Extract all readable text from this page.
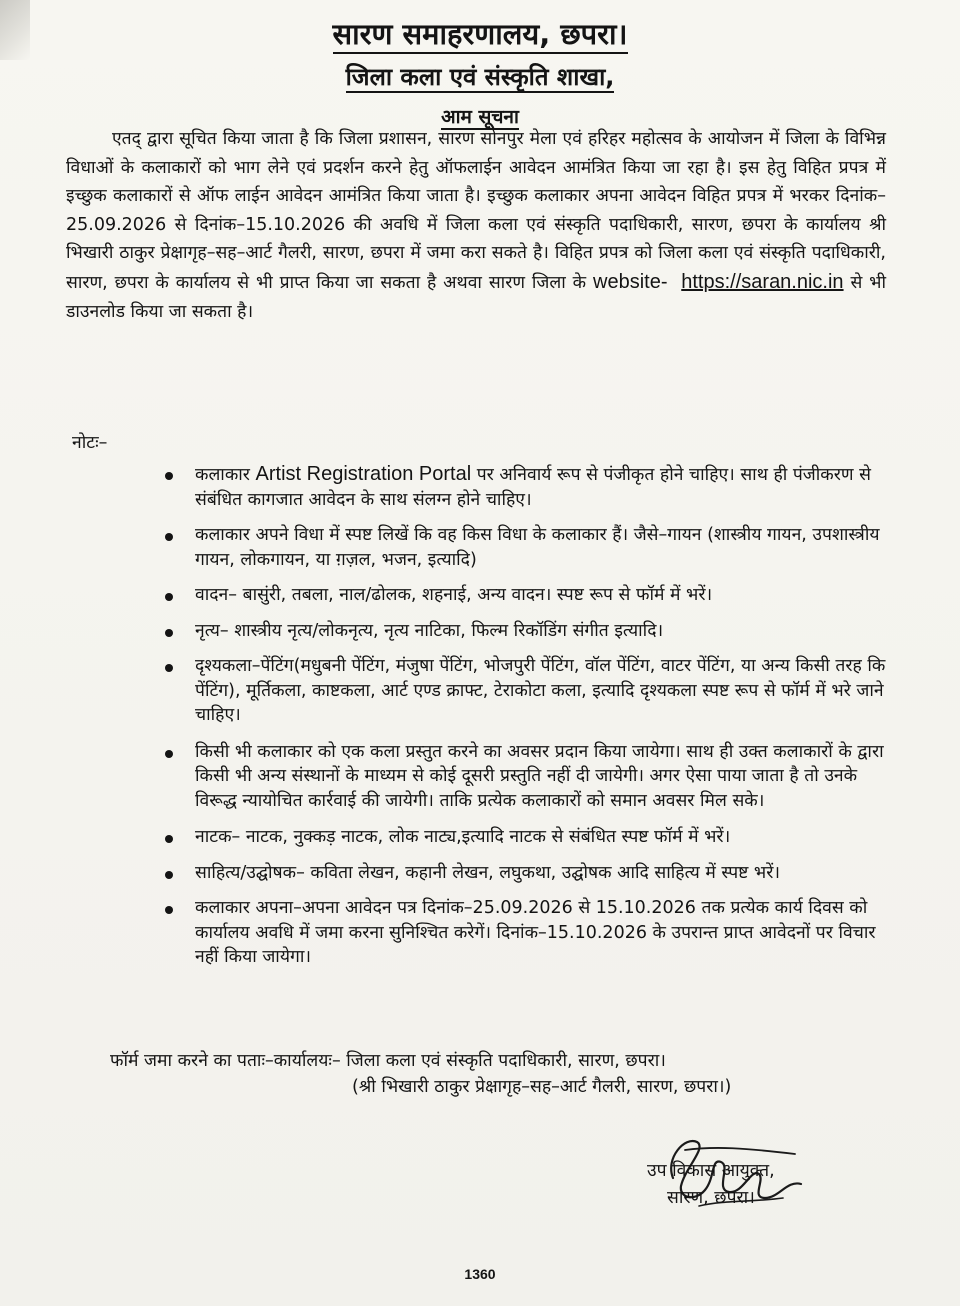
सारण समाहरणालय, छपरा।
जिला कला एवं संस्कृति शाखा,
आम सूचना
एतद् द्वारा सूचित किया जाता है कि जिला प्रशासन, सारण सोनपुर मेला एवं हरिहर महोत्सव के आयोजन में जिला के विभिन्न विधाओं के कलाकारों को भाग लेने एवं प्रदर्शन करने हेतु ऑफलाईन आवेदन आमंत्रित किया जा रहा है। इस हेतु विहित प्रपत्र में इच्छुक कलाकारों से ऑफ लाईन आवेदन आमंत्रित किया जाता है। इच्छुक कलाकार अपना आवेदन विहित प्रपत्र में भरकर दिनांक–25.09.2026 से दिनांक–15.10.2026 की अवधि में जिला कला एवं संस्कृति पदाधिकारी, सारण, छपरा के कार्यालय श्री भिखारी ठाकुर प्रेक्षागृह–सह–आर्ट गैलरी, सारण, छपरा में जमा करा सकते है। विहित प्रपत्र को जिला कला एवं संस्कृति पदाधिकारी, सारण, छपरा के कार्यालय से भी प्राप्त किया जा सकता है अथवा सारण जिला के website- https://saran.nic.in से भी डाउनलोड किया जा सकता है।
नोटः–
कलाकार Artist Registration Portal पर अनिवार्य रूप से पंजीकृत होने चाहिए। साथ ही पंजीकरण से संबंधित कागजात आवेदन के साथ संलग्न होने चाहिए।
कलाकार अपने विधा में स्पष्ट लिखें कि वह किस विधा के कलाकार हैं। जैसे–गायन (शास्त्रीय गायन, उपशास्त्रीय गायन, लोकगायन, या ग़ज़ल, भजन, इत्यादि)
वादन– बासुंरी, तबला, नाल/ढोलक, शहनाई, अन्य वादन। स्पष्ट रूप से फॉर्म में भरें।
नृत्य– शास्त्रीय नृत्य/लोकनृत्य, नृत्य नाटिका, फिल्म रिकॉडिंग संगीत इत्यादि।
दृश्यकला–पेंटिंग(मधुबनी पेंटिंग, मंजुषा पेंटिंग, भोजपुरी पेंटिंग, वॉल पेंटिंग, वाटर पेंटिंग, या अन्य किसी तरह कि पेंटिंग), मूर्तिकला, काष्टकला, आर्ट एण्ड क्राफ्ट, टेराकोटा कला, इत्यादि दृश्यकला स्पष्ट रूप से फॉर्म में भरे जाने चाहिए।
किसी भी कलाकार को एक कला प्रस्तुत करने का अवसर प्रदान किया जायेगा। साथ ही उक्त कलाकारों के द्वारा किसी भी अन्य संस्थानों के माध्यम से कोई दूसरी प्रस्तुति नहीं दी जायेगी। अगर ऐसा पाया जाता है तो उनके विरूद्ध न्यायोचित कार्रवाई की जायेगी। ताकि प्रत्येक कलाकारों को समान अवसर मिल सके।
नाटक– नाटक, नुक्कड़ नाटक, लोक नाट्य,इत्यादि नाटक से संबंधित स्पष्ट फॉर्म में भरें।
साहित्य/उद्घोषक– कविता लेखन, कहानी लेखन, लघुकथा, उद्घोषक आदि साहित्य में स्पष्ट भरें।
कलाकार अपना–अपना आवेदन पत्र दिनांक–25.09.2026 से 15.10.2026 तक प्रत्येक कार्य दिवस को कार्यालय अवधि में जमा करना सुनिश्चित करेगें। दिनांक–15.10.2026 के उपरान्त प्राप्त आवेदनों पर विचार नहीं किया जायेगा।
फॉर्म जमा करने का पताः–कार्यालयः– जिला कला एवं संस्कृति पदाधिकारी, सारण, छपरा।
(श्री भिखारी ठाकुर प्रेक्षागृह–सह–आर्ट गैलरी, सारण, छपरा।)
उप विकास आयुक्त,
सारण, छपरा।
1360
